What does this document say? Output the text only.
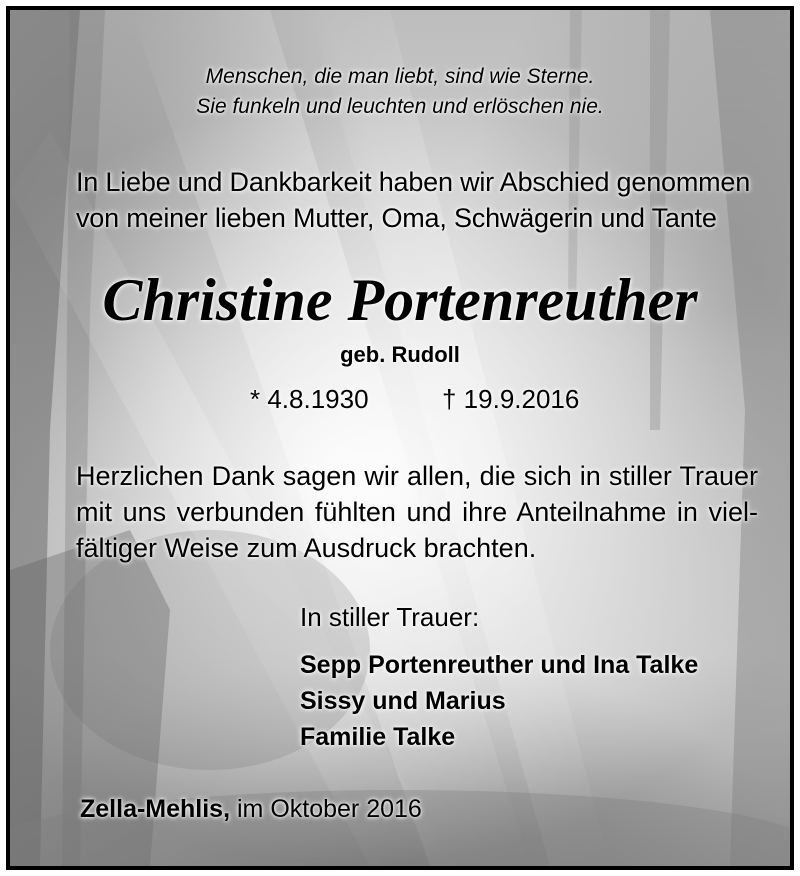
Menschen, die man liebt, sind wie Sterne.
Sie funkeln und leuchten und erlöschen nie.
In Liebe und Dankbarkeit haben wir Abschied genommen
von meiner lieben Mutter, Oma, Schwägerin und Tante
Christine Portenreuther
geb. Rudoll
* 4.8.1930	† 19.9.2016
Herzlichen Dank sagen wir allen, die sich in stiller Trauer
mit uns verbunden fühlten und ihre Anteilnahme in viel-
fältiger Weise zum Ausdruck brachten.
In stiller Trauer:
Sepp Portenreuther und Ina Talke
Sissy und Marius
Familie Talke
Zella-Mehlis, im Oktober 2016
